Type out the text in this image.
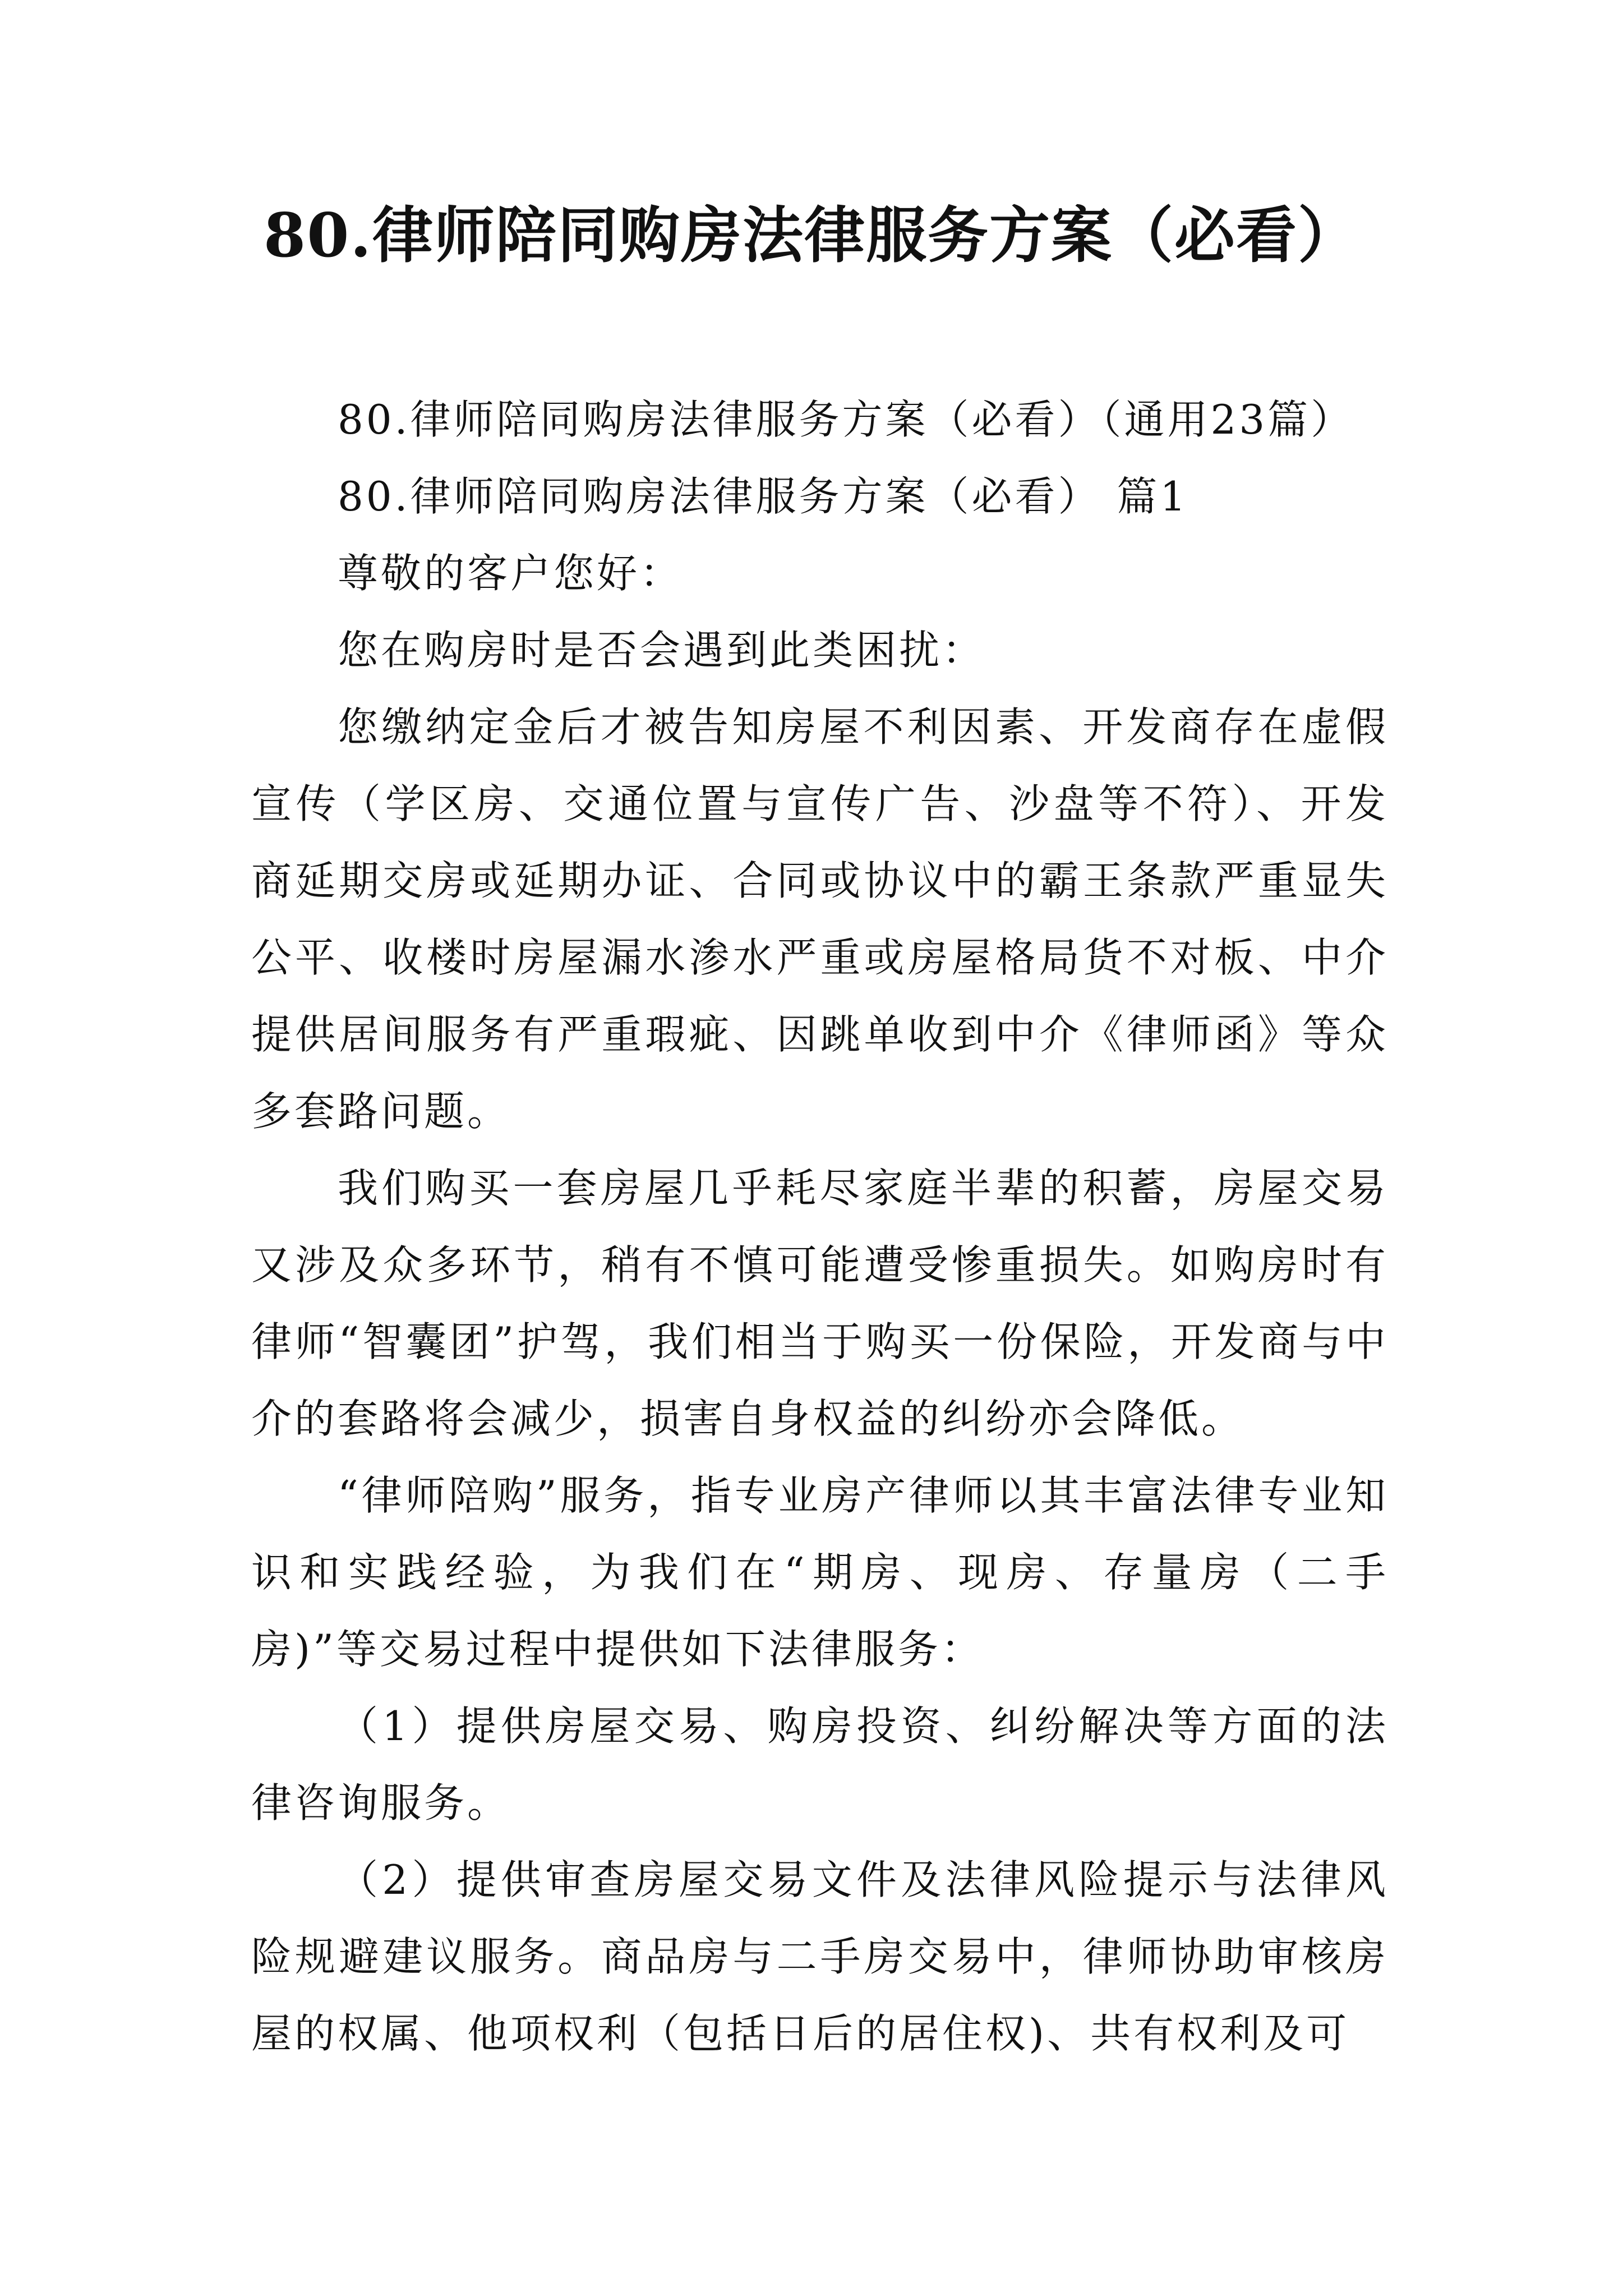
80.律师陪同购房法律服务方案（必看）

80.律师陪同购房法律服务方案（必看）（通用23篇）

80.律师陪同购房法律服务方案（必看） 篇1

尊敬的客户您好：

您在购房时是否会遇到此类困扰：

您缴纳定金后才被告知房屋不利因素、开发商存在虚假宣传（学区房、交通位置与宣传广告、沙盘等不符）、开发商延期交房或延期办证、合同或协议中的霸王条款严重显失公平、收楼时房屋漏水渗水严重或房屋格局货不对板、中介提供居间服务有严重瑕疵、因跳单收到中介《律师函》等众多套路问题。

我们购买一套房屋几乎耗尽家庭半辈的积蓄，房屋交易又涉及众多环节，稍有不慎可能遭受惨重损失。如购房时有律师“智囊团”护驾，我们相当于购买一份保险，开发商与中介的套路将会减少，损害自身权益的纠纷亦会降低。

“律师陪购”服务，指专业房产律师以其丰富法律专业知识和实践经验，为我们在“期房、现房、存量房（二手房)”等交易过程中提供如下法律服务：

（1）提供房屋交易、购房投资、纠纷解决等方面的法律咨询服务。

（2）提供审查房屋交易文件及法律风险提示与法律风险规避建议服务。商品房与二手房交易中，律师协助审核房屋的权属、他项权利（包括日后的居住权)、共有权利及可
